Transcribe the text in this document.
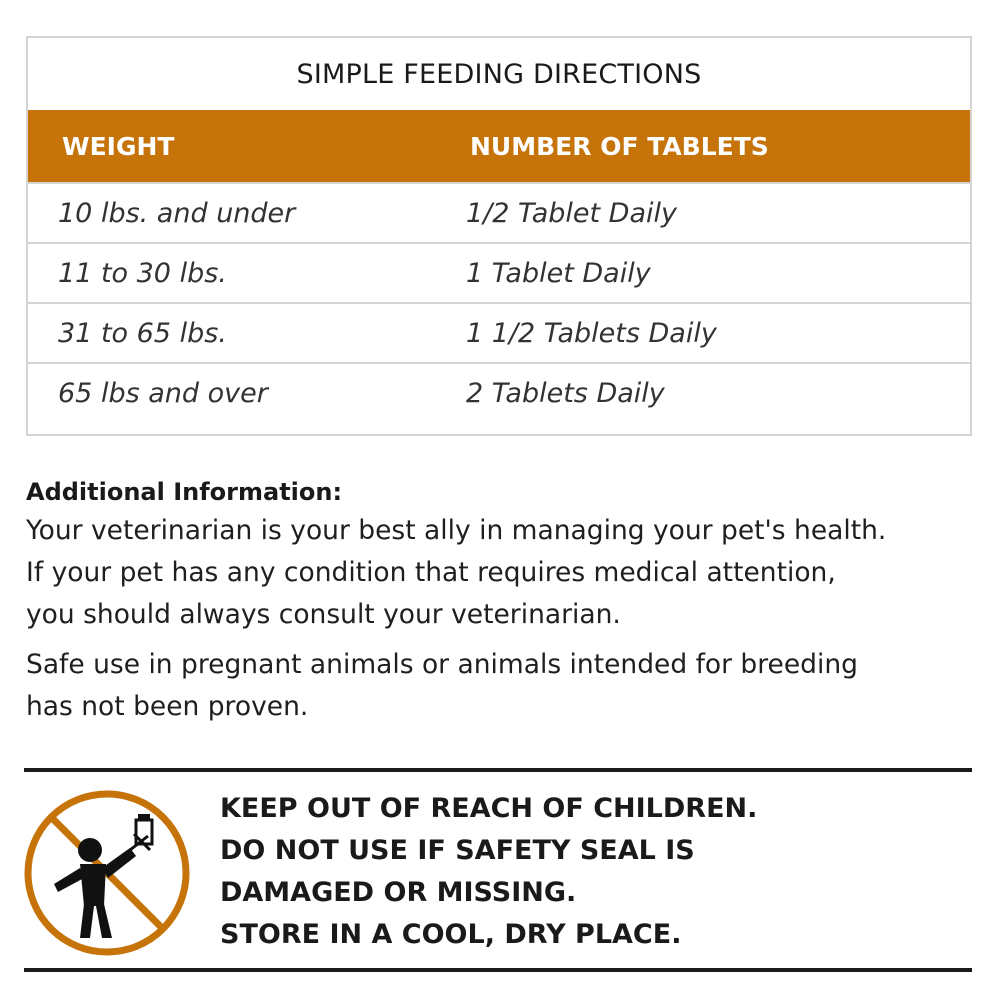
SIMPLE FEEDING DIRECTIONS
WEIGHT	NUMBER OF TABLETS
10 lbs. and under	1/2 Tablet Daily
11 to 30 lbs.	1 Tablet Daily
31 to 65 lbs.	1 1/2 Tablets Daily
65 lbs and over	2 Tablets Daily
Additional Information:

Your veterinarian is your best ally in managing your pet's health.
If your pet has any condition that requires medical attention,
you should always consult your veterinarian.

Safe use in pregnant animals or animals intended for breeding
has not been proven.

KEEP OUT OF REACH OF CHILDREN.
DO NOT USE IF SAFETY SEAL IS
DAMAGED OR MISSING.
STORE IN A COOL, DRY PLACE.
